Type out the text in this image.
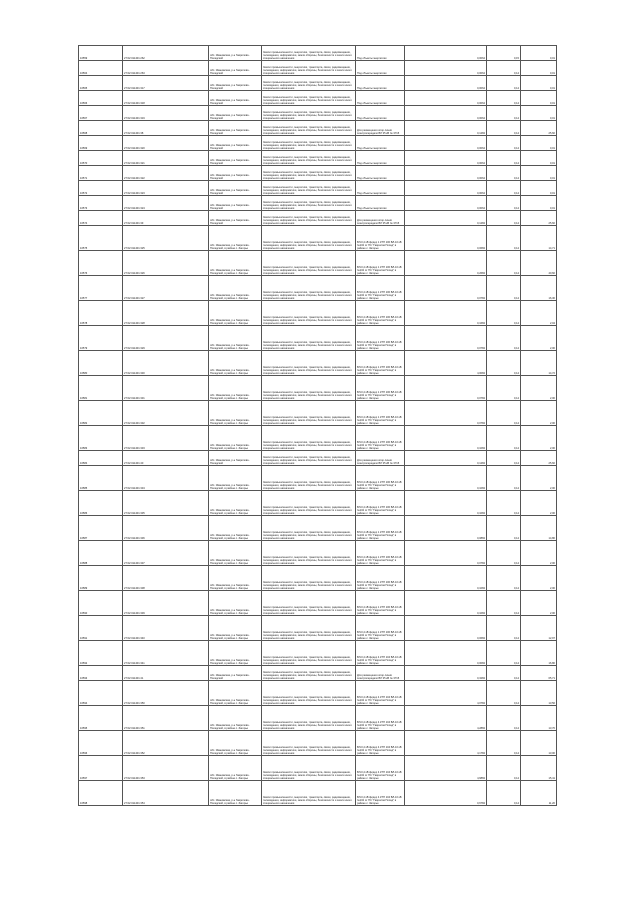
16559	27:02:011401:262	обл. Ивановская, р-н Гаврилово-Посадский	Земли промышленности, энергетики, транспорта, связи, радиовещания, телевидения, информатики, земли обороны, безопасности и земли иного специального назначения	Под объекты энергетики	0,0064	0,15	0,01
16564	27:02:011401:263	обл. Ивановская, р-н Гаврилово-Посадский	Земли промышленности, энергетики, транспорта, связи, радиовещания, телевидения, информатики, земли обороны, безопасности и земли иного специального назначения	Под объекты энергетики	0,0064	0,14	0,01
16565	27:02:011401:317	обл. Ивановская, р-н Гаврилово-Посадский	Земли промышленности, энергетики, транспорта, связи, радиовещания, телевидения, информатики, земли обороны, безопасности и земли иного специального назначения	Под объекты энергетики	0,0064	0,14	0,01
16566	27:02:011401:318	обл. Ивановская, р-н Гаврилово-Посадский	Земли промышленности, энергетики, транспорта, связи, радиовещания, телевидения, информатики, земли обороны, безопасности и земли иного специального назначения	Под объекты энергетики	0,0064	0,14	0,01
16567	27:02:011401:319	обл. Ивановская, р-н Гаврилово-Посадский	Земли промышленности, энергетики, транспорта, связи, радиовещания, телевидения, информатики, земли обороны, безопасности и земли иного специального назначения	Под объекты энергетики	0,0064	0,14	0,01
16568	27:02:011401:38	обл. Ивановская, р-н Гаврилово-Посадский	Земли промышленности, энергетики, транспорта, связи, радиовещания, телевидения, информатики, земли обороны, безопасности и земли иного специального назначения	Для размещения опор линии электропередачи ВЛ 35 кВ № 3715	0,1284	0,14	25,60
16569	27:02:011401:320	обл. Ивановская, р-н Гаврилово-Посадский	Земли промышленности, энергетики, транспорта, связи, радиовещания, телевидения, информатики, земли обороны, безопасности и земли иного специального назначения	Под объекты энергетики	0,0064	0,14	0,01
16570	27:02:011401:321	обл. Ивановская, р-н Гаврилово-Посадский	Земли промышленности, энергетики, транспорта, связи, радиовещания, телевидения, информатики, земли обороны, безопасности и земли иного специального назначения	Под объекты энергетики	0,0064	0,14	0,01
16571	27:02:011401:322	обл. Ивановская, р-н Гаврилово-Посадский	Земли промышленности, энергетики, транспорта, связи, радиовещания, телевидения, информатики, земли обороны, безопасности и земли иного специального назначения	Под объекты энергетики	0,0064	0,14	0,01
16572	27:02:011401:323	обл. Ивановская, р-н Гаврилово-Посадский	Земли промышленности, энергетики, транспорта, связи, радиовещания, телевидения, информатики, земли обороны, безопасности и земли иного специального назначения	Под объекты энергетики	0,0064	0,14	0,01
16573	27:02:011401:324	обл. Ивановская, р-н Гаврилово-Посадский	Земли промышленности, энергетики, транспорта, связи, радиовещания, телевидения, информатики, земли обороны, безопасности и земли иного специального назначения	Под объекты энергетики	0,0064	0,14	0,01
16574	27:02:011401:39	обл. Ивановская, р-н Гаврилово-Посадский	Земли промышленности, энергетики, транспорта, связи, радиовещания, телевидения, информатики, земли обороны, безопасности и земли иного специального назначения	Для размещения опор линии электропередачи ВЛ 35 кВ № 3715	0,1284	0,14	25,60
16575	27:02:011401:325	обл. Ивановская, р-н Гаврилово-Посадский, в районе с. Загорье	Земли промышленности, энергетики, транспорта, связи, радиовещания, телевидения, информатики, земли обороны, безопасности и земли иного специального назначения	ВЛ-0,4 кВ фидер 1 КТП 100 ВЛ-10 кВ №102 от ПС "Гаврилов Посад" в районе с. Загорье	0,0684	0,14	14,71
16576	27:02:011401:326	обл. Ивановская, р-н Гаврилово-Посадский, в районе с. Загорье	Земли промышленности, энергетики, транспорта, связи, радиовещания, телевидения, информатики, земли обороны, безопасности и земли иного специального назначения	ВЛ-0,4 кВ фидер 1 КТП 100 ВЛ-10 кВ №102 от ПС "Гаврилов Посад" в районе с. Загорье	0,2684	0,14	40,60
16577	27:02:011401:327	обл. Ивановская, р-н Гаврилово-Посадский, в районе с. Загорье	Земли промышленности, энергетики, транспорта, связи, радиовещания, телевидения, информатики, земли обороны, безопасности и земли иного специального назначения	ВЛ-0,4 кВ фидер 1 КТП 100 ВЛ-10 кВ №102 от ПС "Гаврилов Посад" в районе с. Загорье	0,0784	0,14	16,30
16578	27:02:011401:328	обл. Ивановская, р-н Гаврилово-Посадский, в районе с. Загорье	Земли промышленности, энергетики, транспорта, связи, радиовещания, телевидения, информатики, земли обороны, безопасности и земли иного специального назначения	ВЛ-0,4 кВ фидер 1 КТП 100 ВЛ-10 кВ №102 от ПС "Гаврилов Посад" в районе с. Загорье	0,1684	0,14	2,04
16579	27:02:011401:329	обл. Ивановская, р-н Гаврилово-Посадский, в районе с. Загорье	Земли промышленности, энергетики, транспорта, связи, радиовещания, телевидения, информатики, земли обороны, безопасности и земли иного специального назначения	ВЛ-0,4 кВ фидер 1 КТП 100 ВЛ-10 кВ №102 от ПС "Гаврилов Посад" в районе с. Загорье	0,0784	0,14	2,00
16580	27:02:011401:330	обл. Ивановская, р-н Гаврилово-Посадский, в районе с. Загорье	Земли промышленности, энергетики, транспорта, связи, радиовещания, телевидения, информатики, земли обороны, безопасности и земли иного специального назначения	ВЛ-0,4 кВ фидер 1 КТП 100 ВЛ-10 кВ №102 от ПС "Гаврилов Посад" в районе с. Загорье	4,0084	0,14	14,72
16581	27:02:011401:331	обл. Ивановская, р-н Гаврилово-Посадский, в районе с. Загорье	Земли промышленности, энергетики, транспорта, связи, радиовещания, телевидения, информатики, земли обороны, безопасности и земли иного специального назначения	ВЛ-0,4 кВ фидер 1 КТП 100 ВЛ-10 кВ №102 от ПС "Гаврилов Посад" в районе с. Загорье	0,0784	0,14	2,00
16582	27:02:011401:332	обл. Ивановская, р-н Гаврилово-Посадский, в районе с. Загорье	Земли промышленности, энергетики, транспорта, связи, радиовещания, телевидения, информатики, земли обороны, безопасности и земли иного специального назначения	ВЛ-0,4 кВ фидер 1 КТП 100 ВЛ-10 кВ №102 от ПС "Гаврилов Посад" в районе с. Загорье	0,0784	0,14	2,00
16583	27:02:011401:333	обл. Ивановская, р-н Гаврилово-Посадский, в районе с. Загорье	Земли промышленности, энергетики, транспорта, связи, радиовещания, телевидения, информатики, земли обороны, безопасности и земли иного специального назначения	ВЛ-0,4 кВ фидер 1 КТП 100 ВЛ-10 кВ №102 от ПС "Гаврилов Посад" в районе с. Загорье	0,1084	0,14	2,00
16584	27:02:011401:40	обл. Ивановская, р-н Гаврилово-Посадский	Земли промышленности, энергетики, транспорта, связи, радиовещания, телевидения, информатики, земли обороны, безопасности и земли иного специального назначения	Для размещения опор линии электропередачи ВЛ 35 кВ № 3715	0,1284	0,14	25,60
16585	27:02:011401:334	обл. Ивановская, р-н Гаврилово-Посадский, в районе с. Загорье	Земли промышленности, энергетики, транспорта, связи, радиовещания, телевидения, информатики, земли обороны, безопасности и земли иного специального назначения	ВЛ-0,4 кВ фидер 1 КТП 100 ВЛ-10 кВ №102 от ПС "Гаврилов Посад" в районе с. Загорье	0,1084	0,14	2,00
16586	27:02:011401:335	обл. Ивановская, р-н Гаврилово-Посадский, в районе с. Загорье	Земли промышленности, энергетики, транспорта, связи, радиовещания, телевидения, информатики, земли обороны, безопасности и земли иного специального назначения	ВЛ-0,4 кВ фидер 1 КТП 100 ВЛ-10 кВ №102 от ПС "Гаврилов Посад" в районе с. Загорье	0,1084	0,14	2,00
16587	27:02:011401:336	обл. Ивановская, р-н Гаврилово-Посадский, в районе с. Загорье	Земли промышленности, энергетики, транспорта, связи, радиовещания, телевидения, информатики, земли обороны, безопасности и земли иного специального назначения	ВЛ-0,4 кВ фидер 1 КТП 100 ВЛ-10 кВ №102 от ПС "Гаврилов Посад" в районе с. Загорье	0,0884	0,14	14,80
16588	27:02:011401:337	обл. Ивановская, р-н Гаврилово-Посадский, в районе с. Загорье	Земли промышленности, энергетики, транспорта, связи, радиовещания, телевидения, информатики, земли обороны, безопасности и земли иного специального назначения	ВЛ-0,4 кВ фидер 1 КТП 100 ВЛ-10 кВ №102 от ПС "Гаврилов Посад" в районе с. Загорье	0,0784	0,14	2,00
16589	27:02:011401:338	обл. Ивановская, р-н Гаврилово-Посадский, в районе с. Загорье	Земли промышленности, энергетики, транспорта, связи, радиовещания, телевидения, информатики, земли обороны, безопасности и земли иного специального назначения	ВЛ-0,4 кВ фидер 1 КТП 100 ВЛ-10 кВ №102 от ПС "Гаврилов Посад" в районе с. Загорье	0,1084	0,14	2,00
16590	27:02:011401:339	обл. Ивановская, р-н Гаврилово-Посадский, в районе с. Загорье	Земли промышленности, энергетики, транспорта, связи, радиовещания, телевидения, информатики, земли обороны, безопасности и земли иного специального назначения	ВЛ-0,4 кВ фидер 1 КТП 100 ВЛ-10 кВ №102 от ПС "Гаврилов Посад" в районе с. Загорье	0,1084	0,14	2,00
16591	27:02:011401:340	обл. Ивановская, р-н Гаврилово-Посадский, в районе с. Загорье	Земли промышленности, энергетики, транспорта, связи, радиовещания, телевидения, информатики, земли обороны, безопасности и земли иного специального назначения	ВЛ-0,4 кВ фидер 1 КТП 100 ВЛ-10 кВ №102 от ПС "Гаврилов Посад" в районе с. Загорье	0,0684	0,14	12,97
16592	27:02:011401:341	обл. Ивановская, р-н Гаврилово-Посадский, в районе с. Загорье	Земли промышленности, энергетики, транспорта, связи, радиовещания, телевидения, информатики, земли обороны, безопасности и земли иного специального назначения	ВЛ-0,4 кВ фидер 4 КТП 104 ВЛ-10 кВ №102 от ПС "Гаврилов Посад" в районе с. Загорье	0,0084	0,14	16,80
16593	27:02:011401:41	обл. Ивановская, р-н Гаврилово-Посадский	Земли промышленности, энергетики, транспорта, связи, радиовещания, телевидения, информатики, земли обороны, безопасности и земли иного специального назначения	Для размещения опор линии электропередачи ВЛ 35 кВ № 3715	0,3284	0,14	65,71
16594	27:02:011401:350	обл. Ивановская, р-н Гаврилово-Посадский, в районе с. Загорье	Земли промышленности, энергетики, транспорта, связи, радиовещания, телевидения, информатики, земли обороны, безопасности и земли иного специального назначения	ВЛ-0,4 кВ фидер 4 КТП 104 ВЛ-10 кВ №102 от ПС "Гаврилов Посад" в районе с. Загорье	4,0784	0,14	13,56
16595	27:02:011401:351	обл. Ивановская, р-н Гаврилово-Посадский, в районе с. Загорье	Земли промышленности, энергетики, транспорта, связи, радиовещания, телевидения, информатики, земли обороны, безопасности и земли иного специального назначения	ВЛ-0,4 кВ фидер 4 КТП 104 ВЛ-10 кВ №102 от ПС "Гаврилов Посад" в районе с. Загорье	4,2884	0,14	13,70
16596	27:02:011401:352	обл. Ивановская, р-н Гаврилово-Посадский, в районе с. Загорье	Земли промышленности, энергетики, транспорта, связи, радиовещания, телевидения, информатики, земли обороны, безопасности и земли иного специального назначения	ВЛ-0,4 кВ фидер 4 КТП 104 ВЛ-10 кВ №102 от ПС "Гаврилов Посад" в районе с. Загорье	4,1784	0,14	13,00
16597	27:02:011401:353	обл. Ивановская, р-н Гаврилово-Посадский, в районе с. Загорье	Земли промышленности, энергетики, транспорта, связи, радиовещания, телевидения, информатики, земли обороны, безопасности и земли иного специального назначения	ВЛ-0,4 кВ фидер 4 КТП 104 ВЛ-10 кВ №102 от ПС "Гаврилов Посад" в районе с. Загорье	4,6884	0,14	15,41
16598	27:02:011401:354	обл. Ивановская, р-н Гаврилово-Посадский, в районе с. Загорье	Земли промышленности, энергетики, транспорта, связи, радиовещания, телевидения, информатики, земли обороны, безопасности и земли иного специального назначения	ВЛ-0,4 кВ фидер 4 КТП 104 ВЛ-10 кВ №102 от ПС "Гаврилов Посад" в районе с. Загорье	0,6784	0,14	11,20
